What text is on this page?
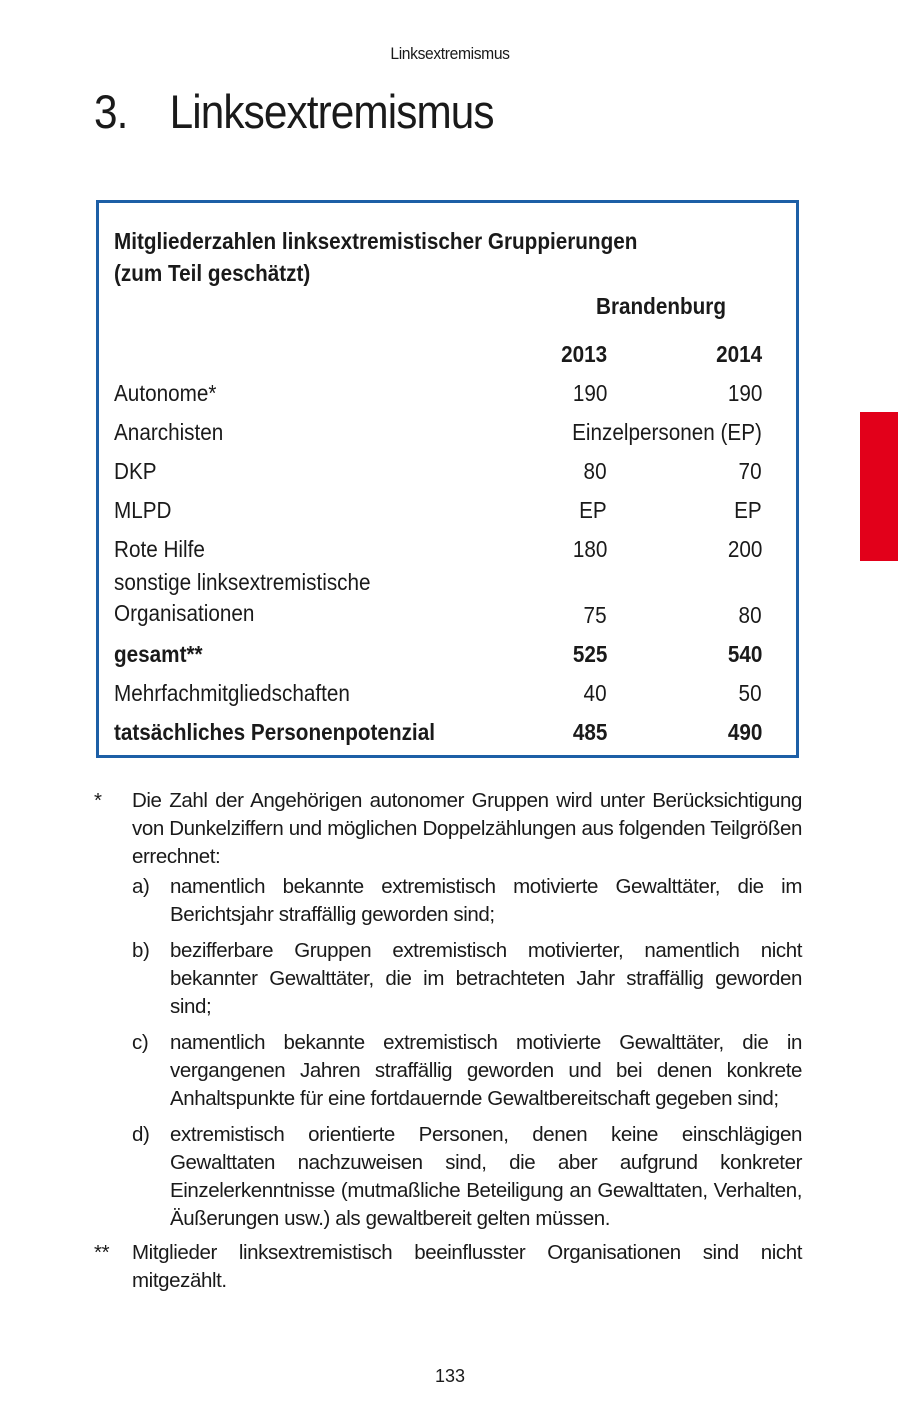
Linksextremismus
3. Linksextremismus
Mitgliederzahlen linksextremistischer Gruppierungen
(zum Teil geschätzt)
Brandenburg
2013	2014
Autonome*	190	190
Anarchisten	Einzelpersonen (EP)
DKP	80	70
MLPD	EP	EP
Rote Hilfe	180	200
sonstige linksextremistische
Organisationen	75	80
gesamt**	525	540
Mehrfachmitgliedschaften	40	50
tatsächliches Personenpotenzial	485	490
* Die Zahl der Angehörigen autonomer Gruppen wird unter Berücksichtigung von Dunkelziffern und möglichen Doppelzählungen aus folgenden Teilgrößen errechnet:
a) namentlich bekannte extremistisch motivierte Gewalttäter, die im Berichtsjahr straffällig geworden sind;
b) bezifferbare Gruppen extremistisch motivierter, namentlich nicht bekannter Gewalttäter, die im betrachteten Jahr straffällig geworden sind;
c) namentlich bekannte extremistisch motivierte Gewalttäter, die in vergangenen Jahren straffällig geworden und bei denen konkrete Anhaltspunkte für eine fortdauernde Gewaltbereitschaft gegeben sind;
d) extremistisch orientierte Personen, denen keine einschlägigen Gewalttaten nachzuweisen sind, die aber aufgrund konkreter Einzelerkenntnisse (mutmaßliche Beteiligung an Gewalttaten, Verhalten, Äußerungen usw.) als gewaltbereit gelten müssen.
** Mitglieder linksextremistisch beeinflusster Organisationen sind nicht mitgezählt.
133
